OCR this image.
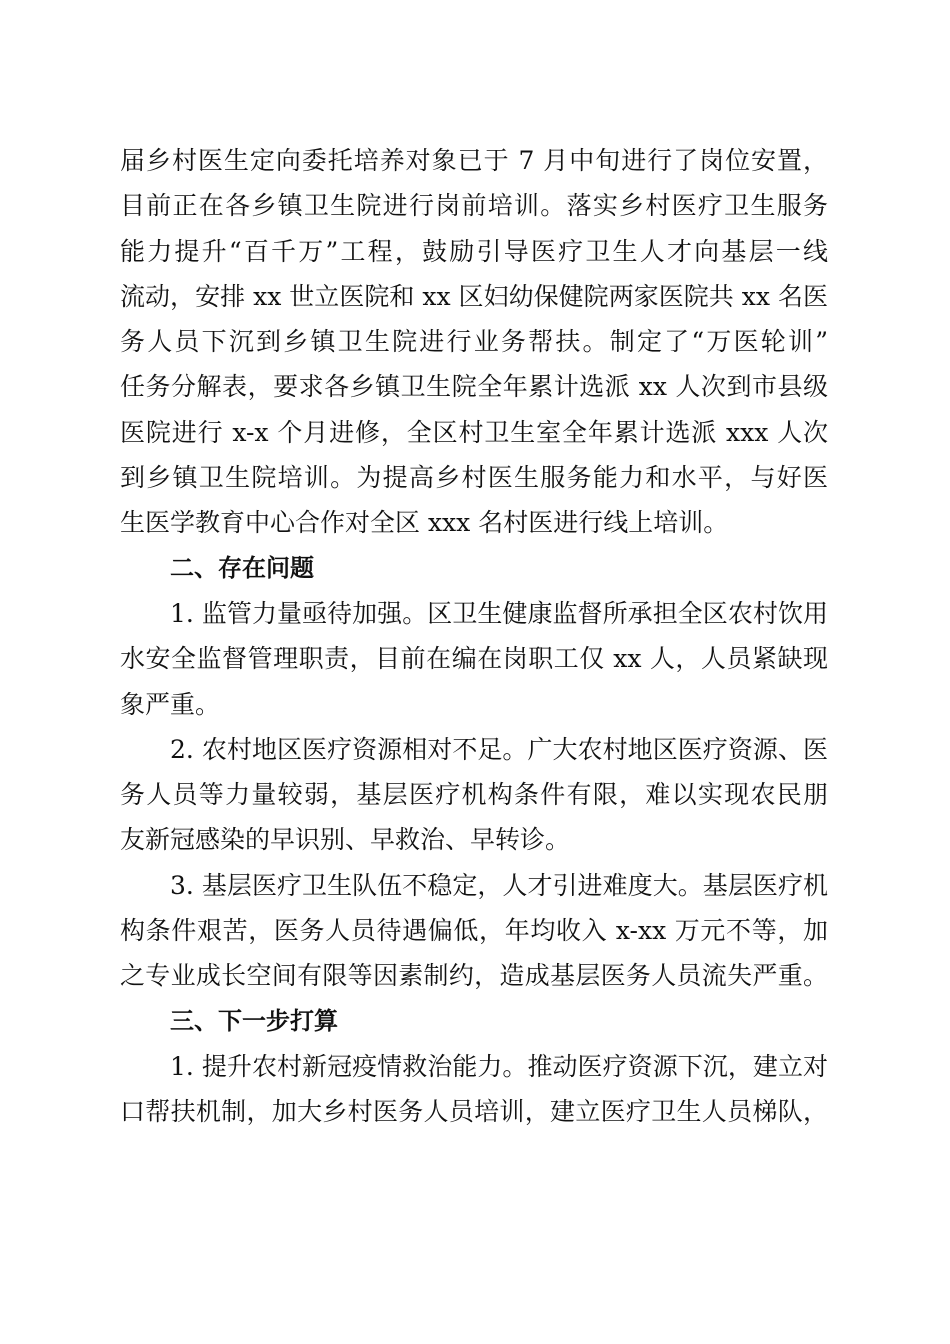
届乡村医生定向委托培养对象已于 7 月中旬进行了岗位安置，
目前正在各乡镇卫生院进行岗前培训。落实乡村医疗卫生服务
能力提升“百千万”工程，鼓励引导医疗卫生人才向基层一线
流动，安排 xx 世立医院和 xx 区妇幼保健院两家医院共 xx 名医
务人员下沉到乡镇卫生院进行业务帮扶。制定了“万医轮训”
任务分解表，要求各乡镇卫生院全年累计选派 xx 人次到市县级
医院进行 x-x 个月进修，全区村卫生室全年累计选派 xxx 人次
到乡镇卫生院培训。为提高乡村医生服务能力和水平，与好医
生医学教育中心合作对全区 xxx 名村医进行线上培训。
二、存在问题
1. 监管力量亟待加强。区卫生健康监督所承担全区农村饮用
水安全监督管理职责，目前在编在岗职工仅 xx 人，人员紧缺现
象严重。
2. 农村地区医疗资源相对不足。广大农村地区医疗资源、医
务人员等力量较弱，基层医疗机构条件有限，难以实现农民朋
友新冠感染的早识别、早救治、早转诊。
3. 基层医疗卫生队伍不稳定，人才引进难度大。基层医疗机
构条件艰苦，医务人员待遇偏低，年均收入 x-xx 万元不等，加
之专业成长空间有限等因素制约，造成基层医务人员流失严重。
三、下一步打算
1. 提升农村新冠疫情救治能力。推动医疗资源下沉，建立对
口帮扶机制，加大乡村医务人员培训，建立医疗卫生人员梯队，
